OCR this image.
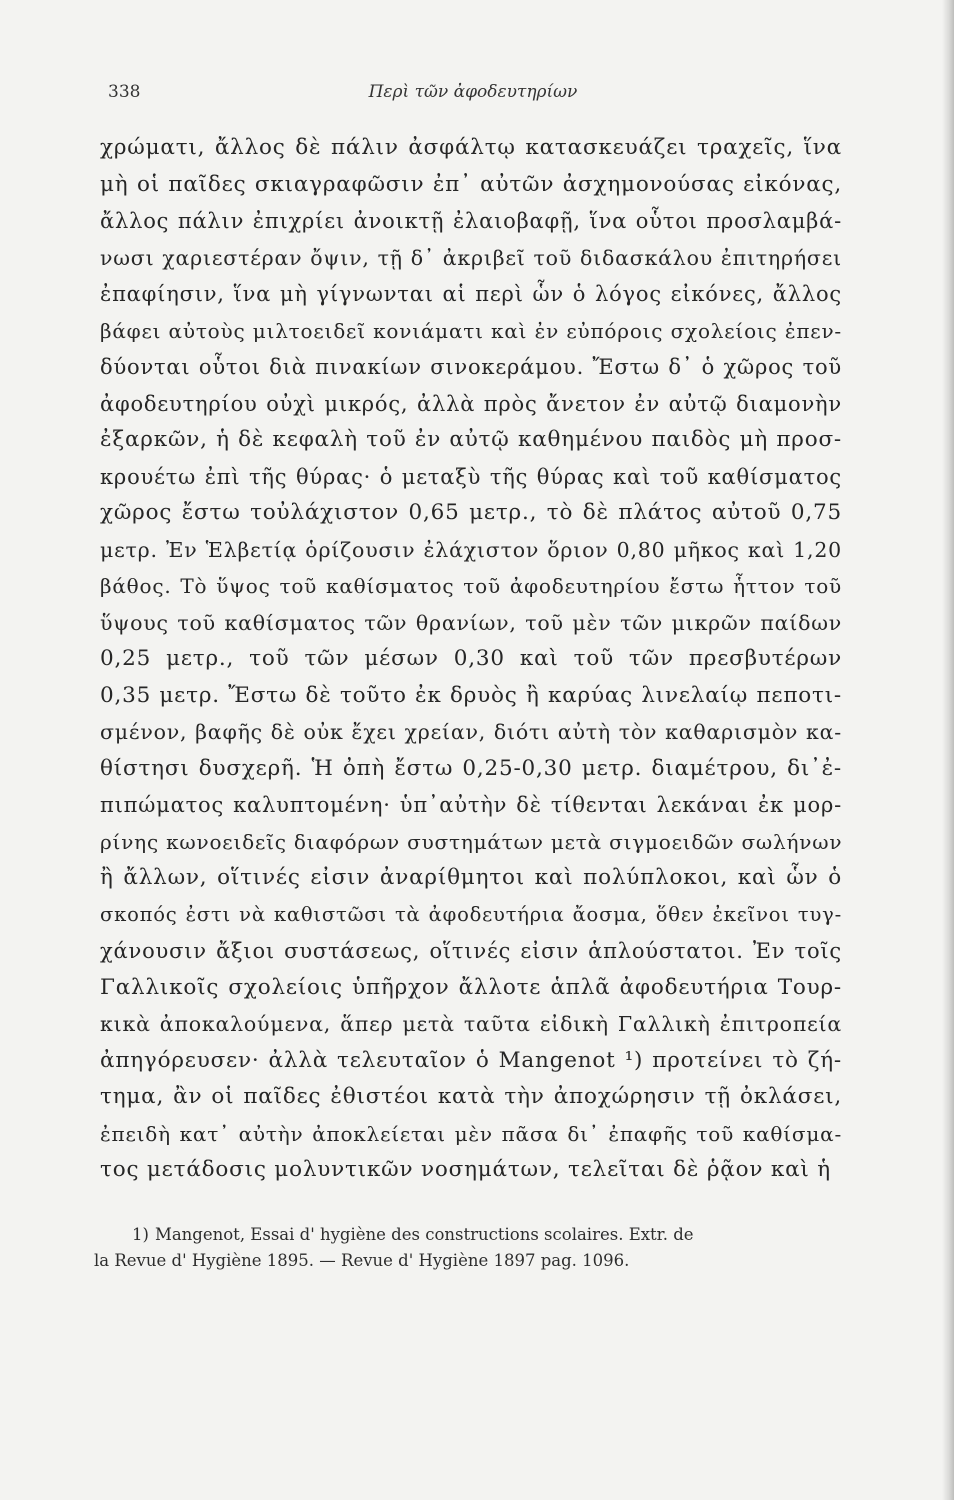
338	Περὶ τῶν ἀφοδευτηρίων
χρώματι, ἄλλος δὲ πάλιν ἀσφάλτῳ κατασκευάζει τραχεῖς, ἵνα
μὴ οἱ παῖδες σκιαγραφῶσιν ἐπ᾽ αὐτῶν ἀσχημονούσας εἰκόνας,
ἄλλος πάλιν ἐπιχρίει ἀνοικτῇ ἐλαιοβαφῇ, ἵνα οὗτοι προσλαμβά-
νωσι χαριεστέραν ὄψιν, τῇ δ᾽ ἀκριβεῖ τοῦ διδασκάλου ἐπιτηρήσει
ἐπαφίησιν, ἵνα μὴ γίγνωνται αἱ περὶ ὧν ὁ λόγος εἰκόνες, ἄλλος
βάφει αὐτοὺς μιλτοειδεῖ κονιάματι καὶ ἐν εὐπόροις σχολείοις ἐπεν-
δύονται οὗτοι διὰ πινακίων σινοκεράμου. Ἔστω δ᾽ ὁ χῶρος τοῦ
ἀφοδευτηρίου οὐχὶ μικρός, ἀλλὰ πρὸς ἄνετον ἐν αὐτῷ διαμονὴν
ἐξαρκῶν, ἡ δὲ κεφαλὴ τοῦ ἐν αὐτῷ καθημένου παιδὸς μὴ προσ-
κρουέτω ἐπὶ τῆς θύρας· ὁ μεταξὺ τῆς θύρας καὶ τοῦ καθίσματος
χῶρος ἔστω τοὐλάχιστον 0,65 μετρ., τὸ δὲ πλάτος αὐτοῦ 0,75
μετρ. Ἐν Ἑλβετίᾳ ὁρίζουσιν ἐλάχιστον ὅριον 0,80 μῆκος καὶ 1,20
βάθος. Τὸ ὕψος τοῦ καθίσματος τοῦ ἀφοδευτηρίου ἔστω ἧττον τοῦ
ὕψους τοῦ καθίσματος τῶν θρανίων, τοῦ μὲν τῶν μικρῶν παίδων
0,25 μετρ., τοῦ τῶν μέσων 0,30 καὶ τοῦ τῶν πρεσβυτέρων
0,35 μετρ. Ἔστω δὲ τοῦτο ἐκ δρυὸς ἢ καρύας λινελαίῳ πεποτι-
σμένον, βαφῆς δὲ οὐκ ἔχει χρείαν, διότι αὐτὴ τὸν καθαρισμὸν κα-
θίστησι δυσχερῆ. Ἡ ὀπὴ ἔστω 0,25-0,30 μετρ. διαμέτρου, δι᾽ἐ-
πιπώματος καλυπτομένη· ὑπ᾽αὐτὴν δὲ τίθενται λεκάναι ἐκ μορ-
ρίνης κωνοειδεῖς διαφόρων συστημάτων μετὰ σιγμοειδῶν σωλήνων
ἢ ἄλλων, οἵτινές εἰσιν ἀναρίθμητοι καὶ πολύπλοκοι, καὶ ὧν ὁ
σκοπός ἐστι νὰ καθιστῶσι τὰ ἀφοδευτήρια ἄοσμα, ὅθεν ἐκεῖνοι τυγ-
χάνουσιν ἄξιοι συστάσεως, οἵτινές εἰσιν ἁπλούστατοι. Ἐν τοῖς
Γαλλικοῖς σχολείοις ὑπῆρχον ἄλλοτε ἁπλᾶ ἀφοδευτήρια Τουρ-
κικὰ ἀποκαλούμενα, ἅπερ μετὰ ταῦτα εἰδικὴ Γαλλικὴ ἐπιτροπεία
ἀπηγόρευσεν· ἀλλὰ τελευταῖον ὁ Mangenot ¹) προτείνει τὸ ζή-
τημα, ἂν οἱ παῖδες ἐθιστέοι κατὰ τὴν ἀποχώρησιν τῇ ὀκλάσει,
ἐπειδὴ κατ᾽ αὐτὴν ἀποκλείεται μὲν πᾶσα δι᾽ ἐπαφῆς τοῦ καθίσμα-
τος μετάδοσις μολυντικῶν νοσημάτων, τελεῖται δὲ ῥᾷον καὶ ἡ
1) Mangenot, Essai d' hygiène des constructions scolaires. Extr. de
la Revue d' Hygiène 1895. — Revue d' Hygiène 1897 pag. 1096.
